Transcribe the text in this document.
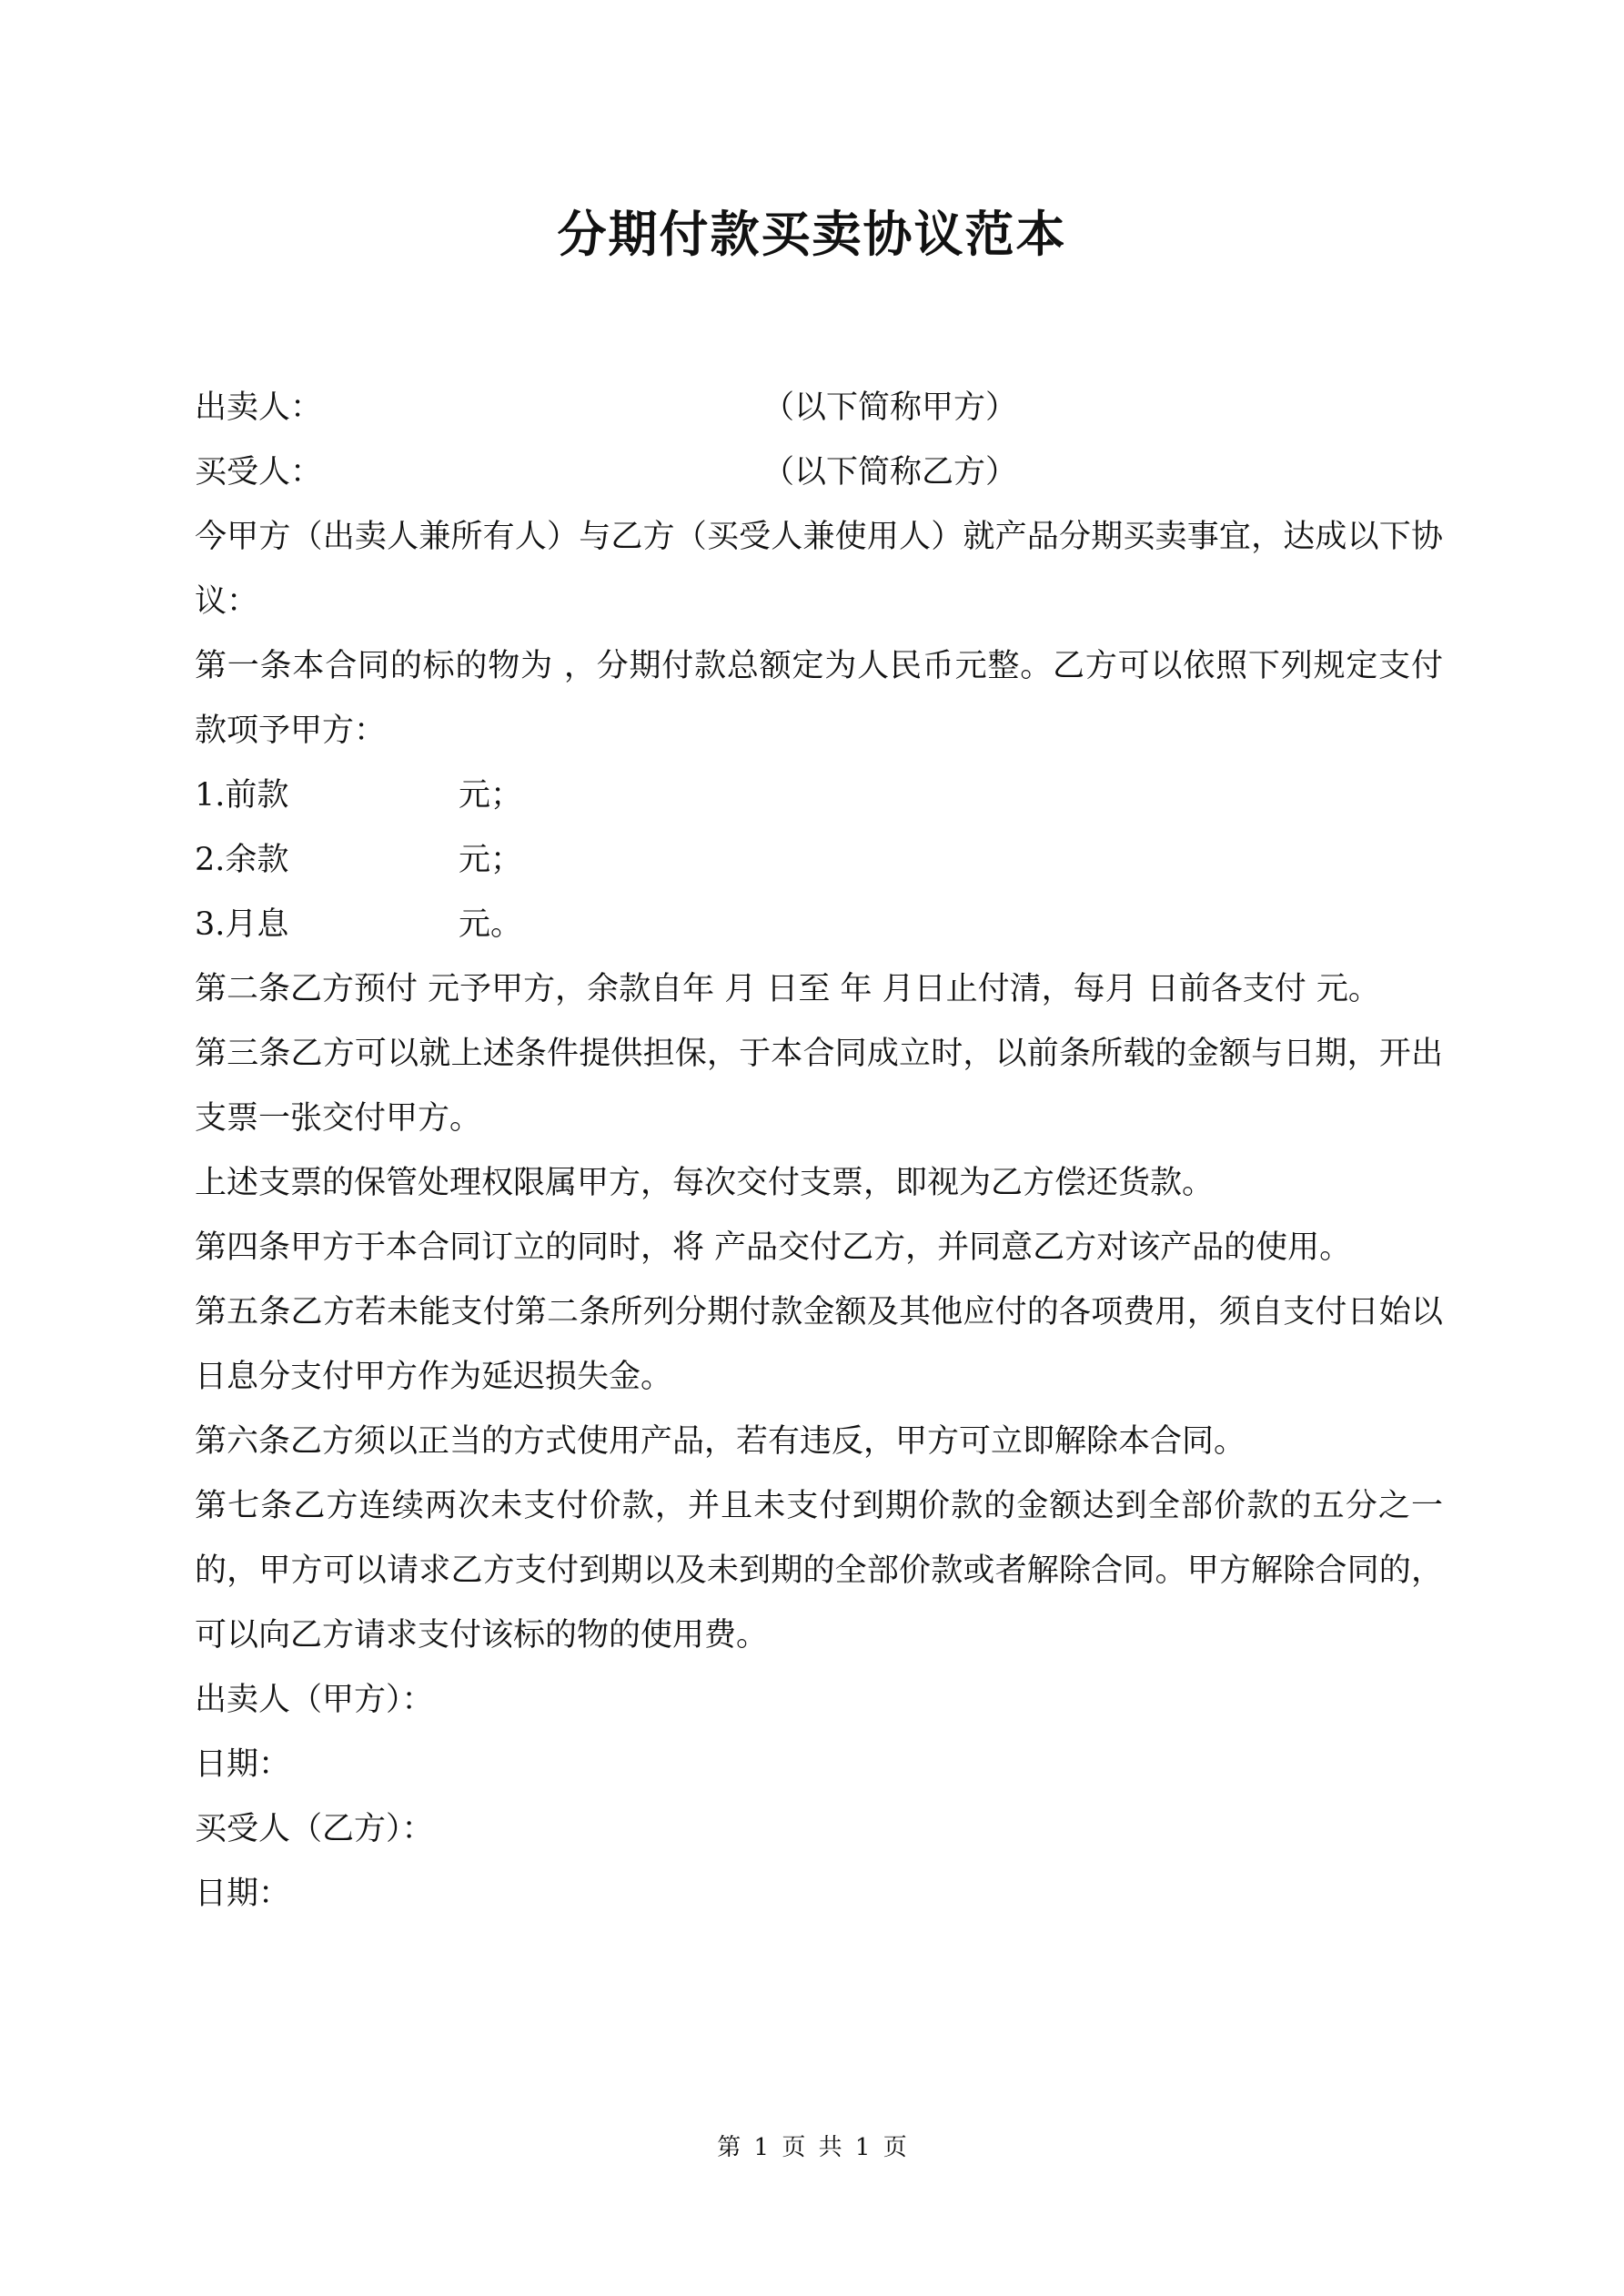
分期付款买卖协议范本
出卖人：	（以下简称甲方）
买受人：	（以下简称乙方）
今甲方（出卖人兼所有人）与乙方（买受人兼使用人）就产品分期买卖事宜，达成以下协议：
第一条本合同的标的物为 ，分期付款总额定为人民币元整。乙方可以依照下列规定支付款项予甲方：
1.前款	元；
2.余款	元；
3.月息	元。
第二条乙方预付 元予甲方，余款自年 月 日至 年 月日止付清，每月 日前各支付 元。
第三条乙方可以就上述条件提供担保，于本合同成立时，以前条所载的金额与日期，开出支票一张交付甲方。
上述支票的保管处理权限属甲方，每次交付支票，即视为乙方偿还货款。
第四条甲方于本合同订立的同时，将 产品交付乙方，并同意乙方对该产品的使用。
第五条乙方若未能支付第二条所列分期付款金额及其他应付的各项费用，须自支付日始以日息分支付甲方作为延迟损失金。
第六条乙方须以正当的方式使用产品，若有违反，甲方可立即解除本合同。
第七条乙方连续两次未支付价款，并且未支付到期价款的金额达到全部价款的五分之一的，甲方可以请求乙方支付到期以及未到期的全部价款或者解除合同。甲方解除合同的，可以向乙方请求支付该标的物的使用费。
出卖人（甲方）：
日期：
买受人（乙方）：
日期：
第 1 页 共 1 页
